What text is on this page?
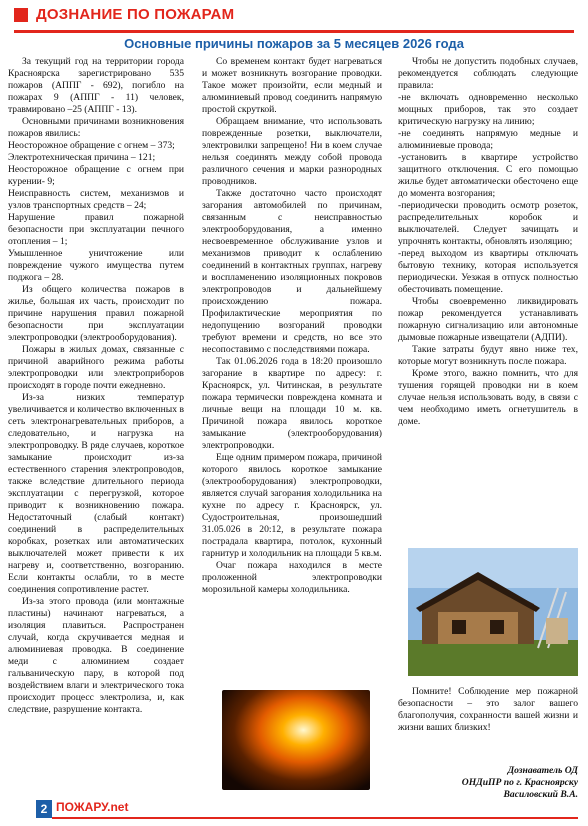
ДОЗНАНИЕ ПО ПОЖАРАМ
Основные причины пожаров за 5 месяцев 2026 года

За текущий год на территории города Красноярска зарегистрировано 535 пожаров (АППГ - 692), погибло на пожарах 9 (АППГ - 11) человек, травмировано –25 (АППГ - 13).

Основными причинами возникновения пожаров явились:

Неосторожное обращение с огнем – 373;

Электротехническая причина – 121;

Неосторожное обращение с огнем при курении- 9;

Неисправность систем, механизмов и узлов транспортных средств – 24;

Нарушение правил пожарной безопасности при эксплуатации печного отопления – 1;

Умышленное уничтожение или повреждение чужого имущества путем поджога – 28.

Из общего количества пожаров в жилье, большая их часть, происходит по причине нарушения правил пожарной безопасности при эксплуатации электропроводки (электрооборудования).

Пожары в жилых домах, связанные с причиной аварийного режима работы электропроводки или электроприборов происходят в городе почти ежедневно.

Из-за низких температур увеличивается и количество включенных в сеть электронагревательных приборов, а следовательно, и нагрузка на электропроводку. В ряде случаев, короткое замыкание происходит из-за естественного старения электропроводов, также вследствие длительного периода эксплуатации с перегрузкой, которое приводит к возникновению пожара. Недостаточный (слабый контакт) соединений в распределительных коробках, розетках или автоматических выключателей может привести к их нагреву и, соответственно, возгоранию. Если контакты ослабли, то в месте соединения сопротивление растет.

Из-за этого провода (или монтажные пластины) начинают нагреваться, а изоляция плавиться. Распространен случай, когда скручивается медная и алюминиевая проводка. В соединение меди с алюминием создает гальваническую пару, в которой под воздействием влаги и электрического тока происходит процесс электролиза, и, как следствие, разрушение контакта.

Со временем контакт будет нагреваться и может возникнуть возгорание проводки. Такое может произойти, если медный и алюминиевый провод соединить напрямую простой скруткой.

Обращаем внимание, что использовать поврежденные розетки, выключатели, электровилки запрещено! Ни в коем случае нельзя соединять между собой провода различного сечения и марки разнородных проводников.

Также достаточно часто происходят загорания автомобилей по причинам, связанным с неисправностью электрооборудования, а именно несвоевременное обслуживание узлов и механизмов приводит к ослаблению соединений в контактных группах, нагреву и воспламенению изоляционных покровов электропроводов и дальнейшему происхождению пожара. Профилактические мероприятия по недопущению возгораний проводки требуют времени и средств, но все это несопоставимо с последствиями пожара.

Так 01.06.2026 года в 18:20 произошло загорание в квартире по адресу: г. Красноярск, ул. Читинская, в результате пожара термически повреждена комната и личные вещи на площади 10 м. кв. Причиной пожара явилось короткое замыкание (электрооборудования) электропроводки.

Еще одним примером пожара, причиной которого явилось короткое замыкание (электрооборудования) электропроводки, является случай загорания холодильника на кухне по адресу г. Красноярск, ул. Судостроительная, произошедший 31.05.026 в 20:12, в результате пожара пострадала квартира, потолок, кухонный гарнитур и холодильник на площади 5 кв.м.

Очаг пожара находился в месте проложенной электропроводки морозильной камеры холодильника.

Чтобы не допустить подобных случаев, рекомендуется соблюдать следующие правила:

-не включать одновременно несколько мощных приборов, так это создает критическую нагрузку на линию;

-не соединять напрямую медные и алюминиевые провода;

-установить в квартире устройство защитного отключения. С его помощью жилье будет автоматически обесточено еще до момента возгорания;

-периодически проводить осмотр розеток, распределительных коробок и выключателей. Следует зачищать и упрочнять контакты, обновлять изоляцию;

-перед выходом из квартиры отключать бытовую технику, которая используется периодически. Уезжая в отпуск полностью обесточивать помещение.

Чтобы своевременно ликвидировать пожар рекомендуется устанавливать пожарную сигнализацию или автономные дымовые пожарные извещатели (АДПИ).

Такие затраты будут явно ниже тех, которые могут возникнуть после пожара.

Кроме этого, важно помнить, что для тушения горящей проводки ни в коем случае нельзя использовать воду, в связи с чем необходимо иметь огнетушитель в доме.

Помните! Соблюдение мер пожарной безопасности – это залог вашего благополучия, сохранности вашей жизни и жизни ваших близких!

Дознаватель ОД
ОНДиПР по г. Красноярску
Василовский В.А.
2 ПОЖАРУ.net
